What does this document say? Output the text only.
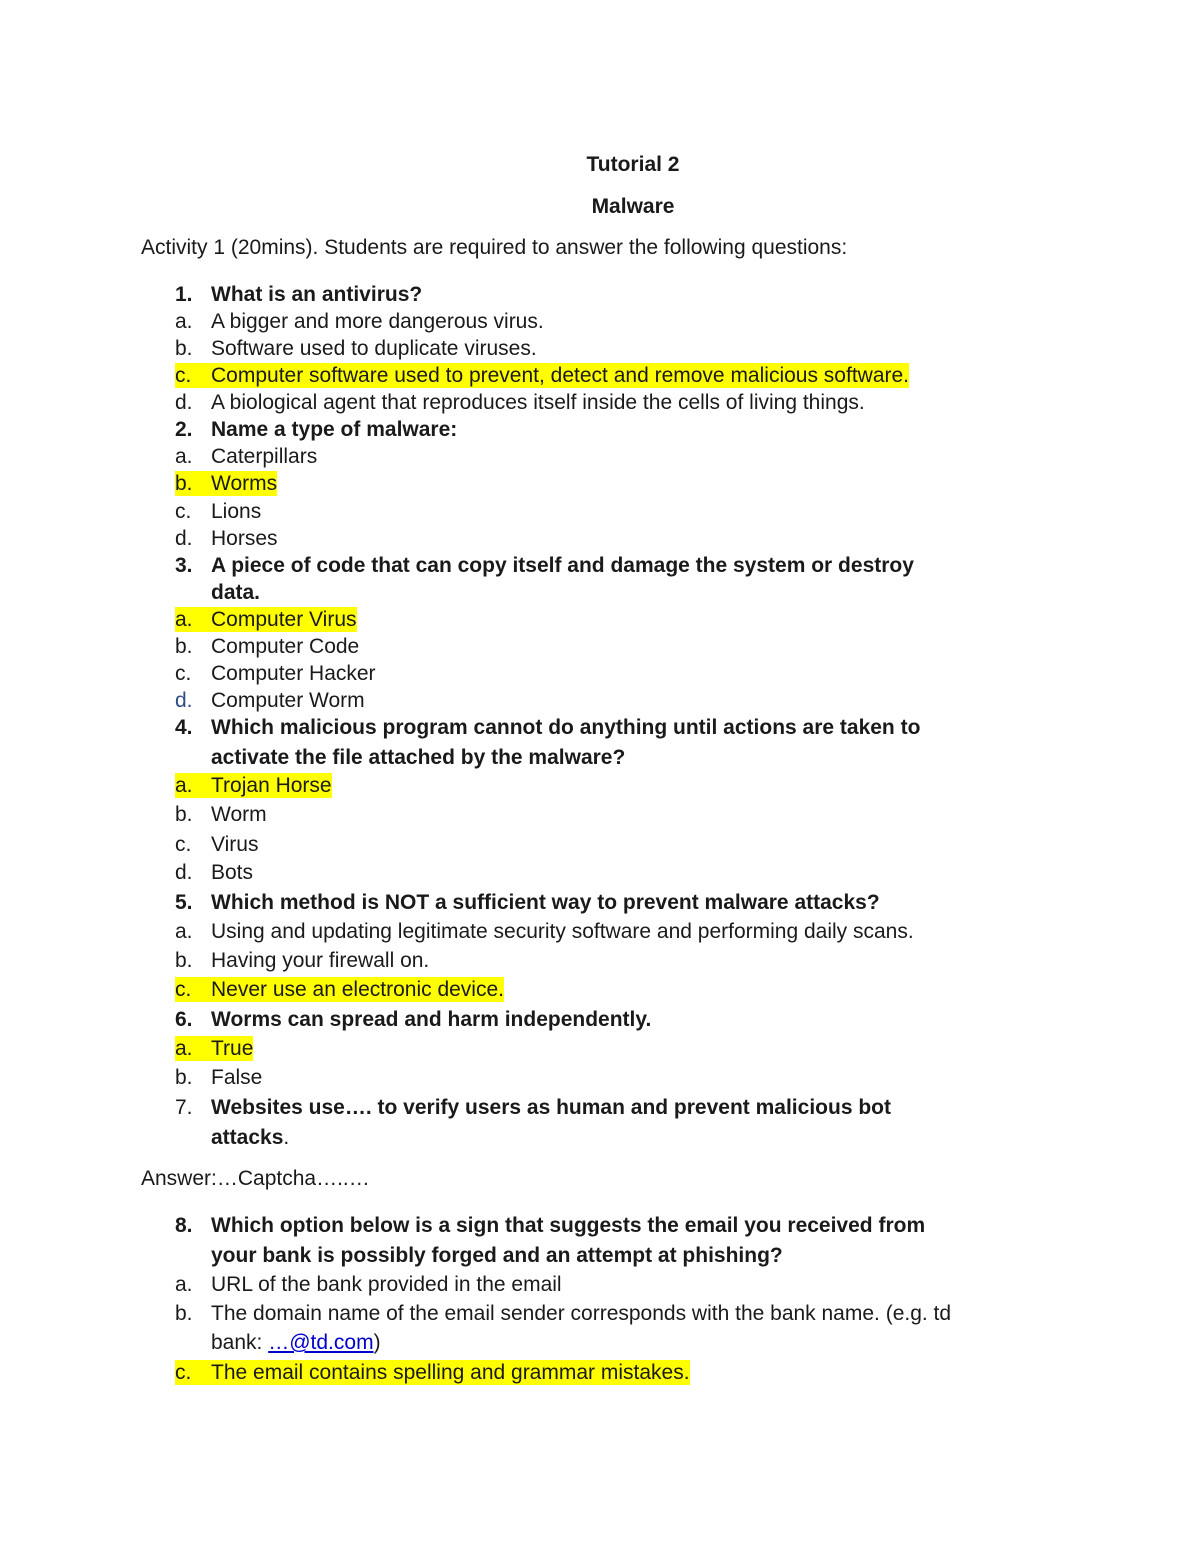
Tutorial 2
Malware
Activity 1 (20mins). Students are required to answer the following questions:
1. What is an antivirus?
a. A bigger and more dangerous virus.
b. Software used to duplicate viruses.
c. Computer software used to prevent, detect and remove malicious software.
d. A biological agent that reproduces itself inside the cells of living things.
2. Name a type of malware:
a. Caterpillars
b. Worms
c. Lions
d. Horses
3. A piece of code that can copy itself and damage the system or destroy
data.
a. Computer Virus
b. Computer Code
c. Computer Hacker
d. Computer Worm
4. Which malicious program cannot do anything until actions are taken to
activate the file attached by the malware?
a. Trojan Horse
b. Worm
c. Virus
d. Bots
5. Which method is NOT a sufficient way to prevent malware attacks?
a. Using and updating legitimate security software and performing daily scans.
b. Having your firewall on.
c. Never use an electronic device.
6. Worms can spread and harm independently.
a. True
b. False
7. Websites use…. to verify users as human and prevent malicious bot
attacks.
Answer:…Captcha…..…
8. Which option below is a sign that suggests the email you received from
your bank is possibly forged and an attempt at phishing?
a. URL of the bank provided in the email
b. The domain name of the email sender corresponds with the bank name. (e.g. td
bank: …@td.com)
c. The email contains spelling and grammar mistakes.
